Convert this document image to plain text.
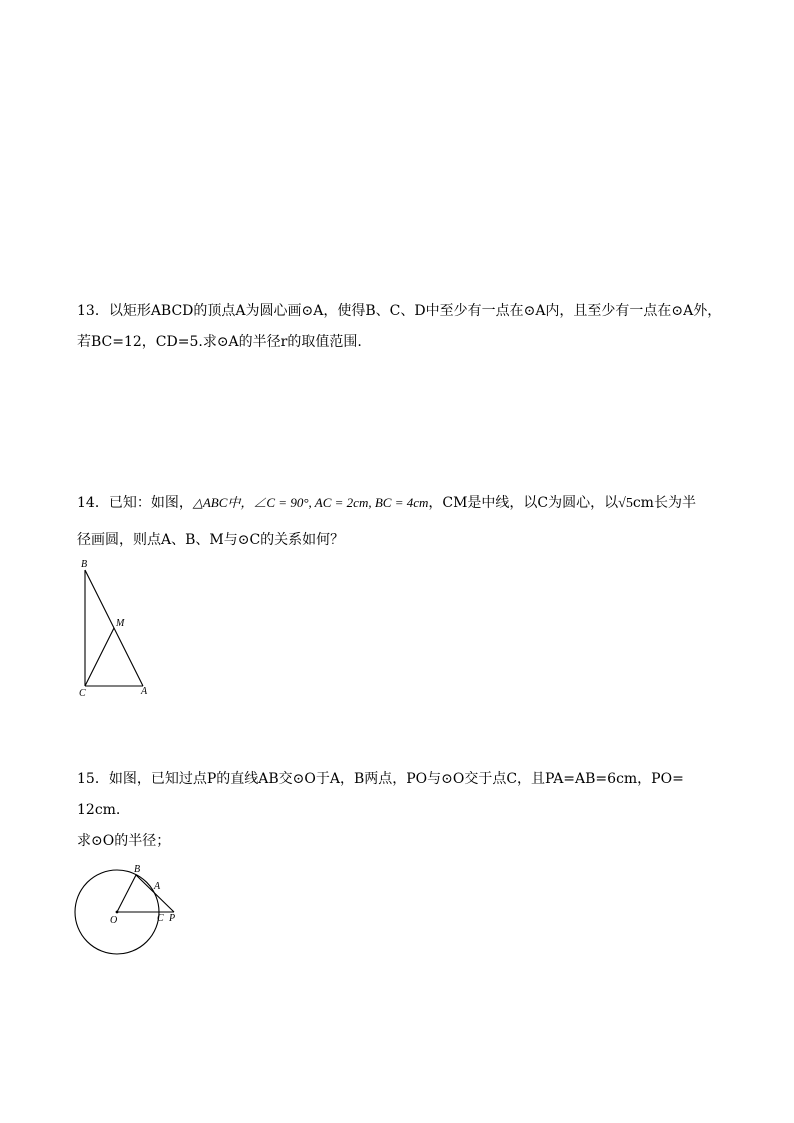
13．以矩形ABCD的顶点A为圆心画⊙A，使得B、C、D中至少有一点在⊙A内，且至少有一点在⊙A外，
若BC=12，CD=5.求⊙A的半径r的取值范围.
14．已知：如图，△ABC中，∠C = 90°, AC = 2cm, BC = 4cm，CM是中线，以C为圆心，以√5cm长为半
径画圆，则点A、B、M与⊙C的关系如何？
B
M
C	A
15．如图，已知过点P的直线AB交⊙O于A，B两点，PO与⊙O交于点C，且PA=AB=6cm，PO=
12cm.
求⊙O的半径；
B
A
O	C P
